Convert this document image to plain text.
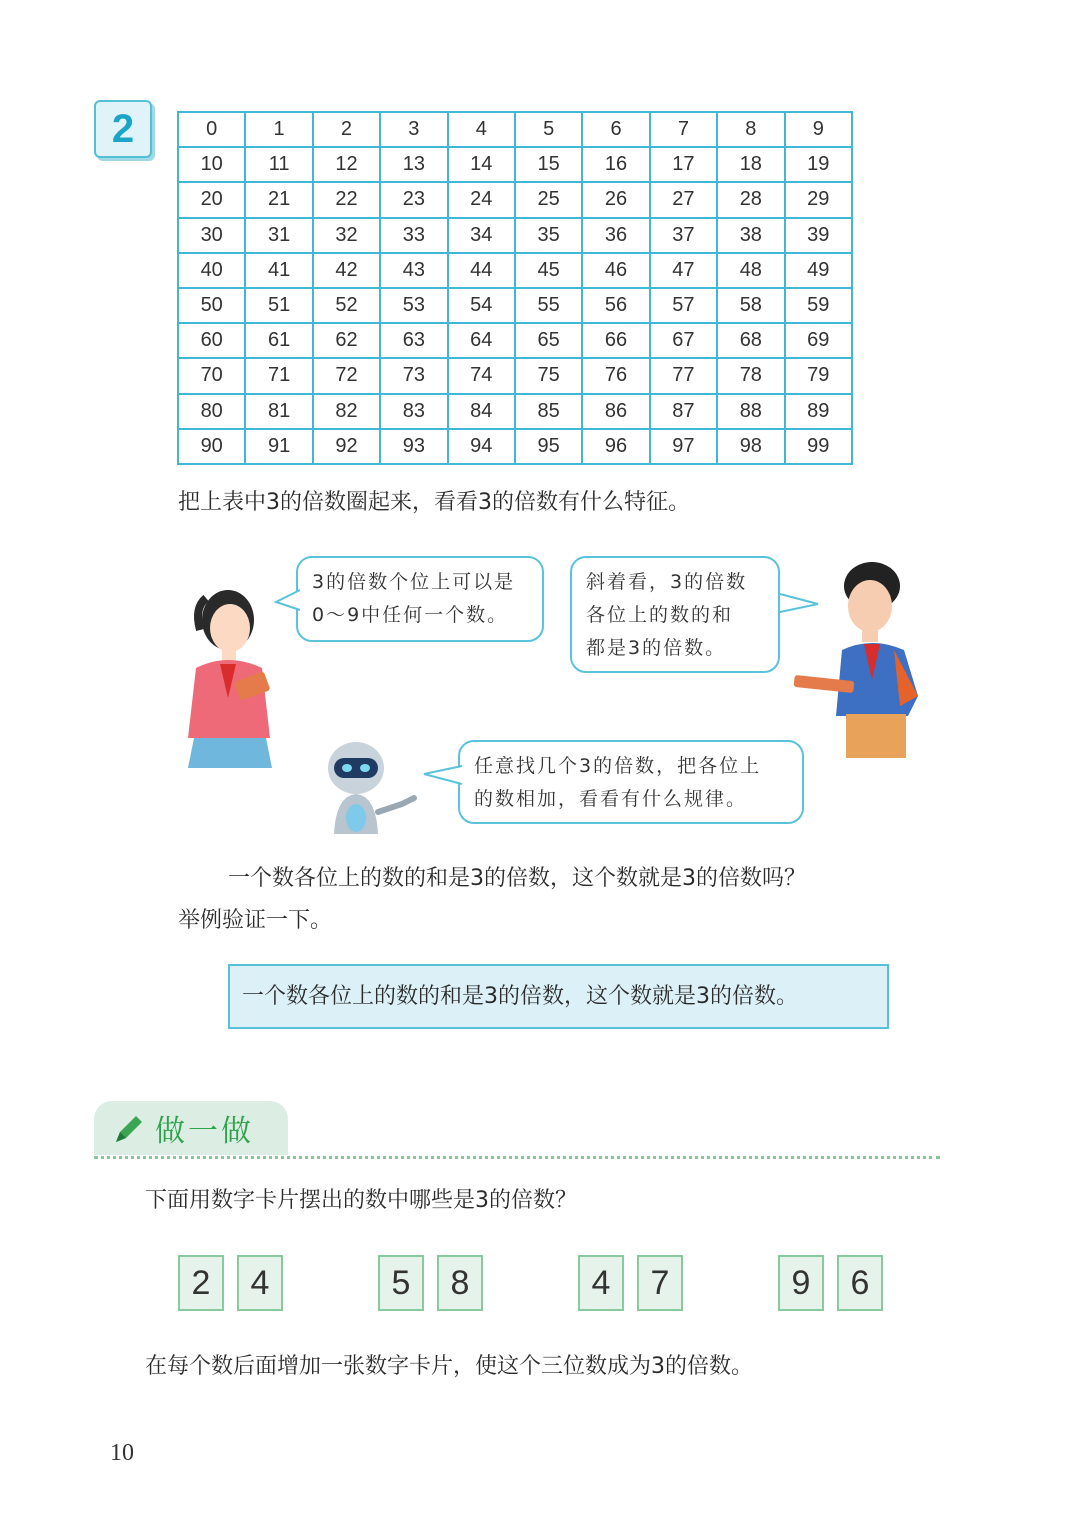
2	0	1	2	3	4	5	6	7	8	9
10	11	12	13	14	15	16	17	18	19
20	21	22	23	24	25	26	27	28	29
30	31	32	33	34	35	36	37	38	39
40	41	42	43	44	45	46	47	48	49
50	51	52	53	54	55	56	57	58	59
60	61	62	63	64	65	66	67	68	69
70	71	72	73	74	75	76	77	78	79
80	81	82	83	84	85	86	87	88	89
90	91	92	93	94	95	96	97	98	99
把上表中3的倍数圈起来，看看3的倍数有什么特征。
3的倍数个位上可以是
0～9中任何一个数。
斜着看，3的倍数
各位上的数的和
都是3的倍数。
任意找几个3的倍数，把各位上
的数相加，看看有什么规律。
一个数各位上的数的和是3的倍数，这个数就是3的倍数吗？
举例验证一下。
一个数各位上的数的和是3的倍数，这个数就是3的倍数。
做一做
下面用数字卡片摆出的数中哪些是3的倍数？
2	4	5	8	4	7	9	6
在每个数后面增加一张数字卡片，使这个三位数成为3的倍数。
10
